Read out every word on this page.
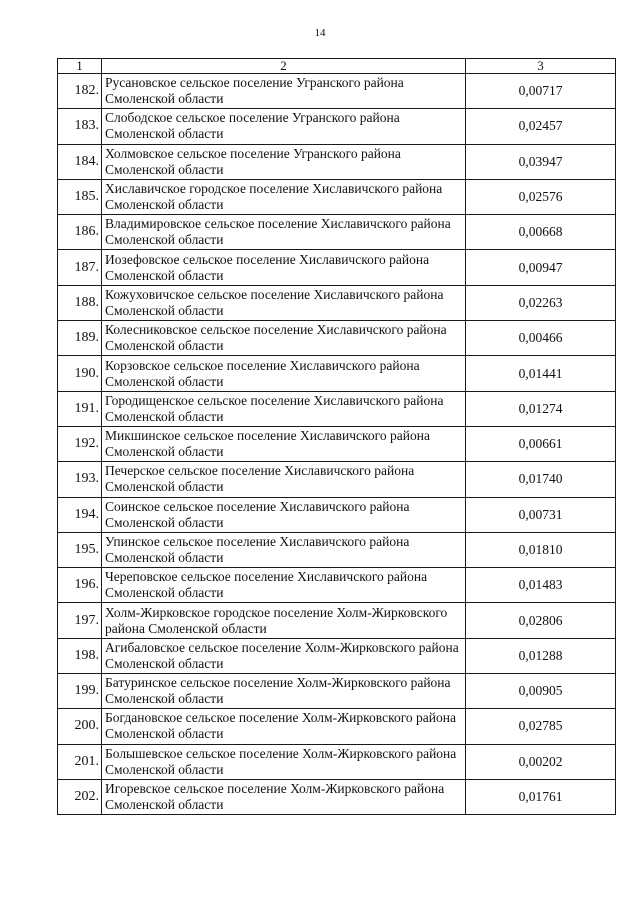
14
1	2	3
182.	Русановское сельское поселение Угранского района Смоленской области	0,00717
183.	Слободское сельское поселение Угранского района Смоленской области	0,02457
184.	Холмовское сельское поселение Угранского района Смоленской области	0,03947
185.	Хиславичское городское поселение Хиславичского района Смоленской области	0,02576
186.	Владимировское сельское поселение Хиславичского района Смоленской области	0,00668
187.	Иозефовское сельское поселение Хиславичского района Смоленской области	0,00947
188.	Кожуховичское сельское поселение Хиславичского района Смоленской области	0,02263
189.	Колесниковское сельское поселение Хиславичского района Смоленской области	0,00466
190.	Корзовское сельское поселение Хиславичского района Смоленской области	0,01441
191.	Городищенское сельское поселение Хиславичского района Смоленской области	0,01274
192.	Микшинское сельское поселение Хиславичского района Смоленской области	0,00661
193.	Печерское сельское поселение Хиславичского района Смоленской области	0,01740
194.	Соинское сельское поселение Хиславичского района Смоленской области	0,00731
195.	Упинское сельское поселение Хиславичского района Смоленской области	0,01810
196.	Череповское сельское поселение Хиславичского района Смоленской области	0,01483
197.	Холм-Жирковское городское поселение Холм-Жирковского района Смоленской области	0,02806
198.	Агибаловское сельское поселение Холм-Жирковского района Смоленской области	0,01288
199.	Батуринское сельское поселение Холм-Жирковского района Смоленской области	0,00905
200.	Богдановское сельское поселение Холм-Жирковского района Смоленской области	0,02785
201.	Болышевское сельское поселение Холм-Жирковского района Смоленской области	0,00202
202.	Игоревское сельское поселение Холм-Жирковского района Смоленской области	0,01761
